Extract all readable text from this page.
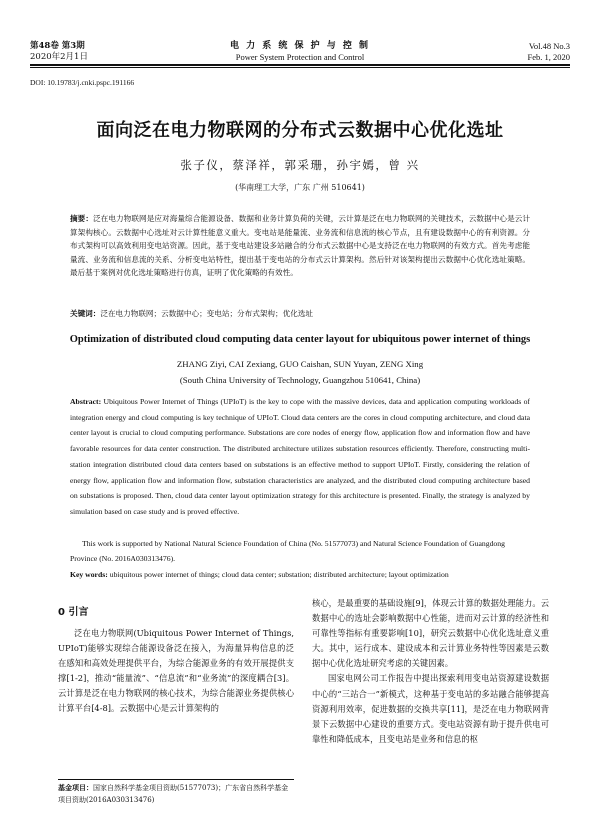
第48卷 第3期
2020年2月1日
电 力 系 统 保 护 与 控 制
Power System Protection and Control
Vol.48 No.3
Feb. 1, 2020
DOI: 10.19783/j.cnki.pspc.191166
面向泛在电力物联网的分布式云数据中心优化选址
张子仪，蔡泽祥，郭采珊，孙宇嫣，曾 兴
(华南理工大学，广东 广州 510641)
摘要：泛在电力物联网是应对海量综合能源设备、数据和业务计算负荷的关键，云计算是泛在电力物联网的关键技术，云数据中心是云计算架构核心。云数据中心选址对云计算性能意义重大。变电站是能量流、业务流和信息流的核心节点，且有建设数据中心的有利资源。分布式架构可以高效利用变电站资源。因此，基于变电站建设多站融合的分布式云数据中心是支持泛在电力物联网的有效方式。首先考虑能量流、业务流和信息流的关系、分析变电站特性，提出基于变电站的分布式云计算架构。然后针对该架构提出云数据中心优化选址策略。最后基于案例对优化选址策略进行仿真，证明了优化策略的有效性。
关键词：泛在电力物联网；云数据中心；变电站；分布式架构；优化选址
Optimization of distributed cloud computing data center layout for ubiquitous power internet of things
ZHANG Ziyi, CAI Zexiang, GUO Caishan, SUN Yuyan, ZENG Xing
(South China University of Technology, Guangzhou 510641, China)
Abstract: Ubiquitous Power Internet of Things (UPIoT) is the key to cope with the massive devices, data and application computing workloads of integration energy and cloud computing is key technique of UPIoT. Cloud data centers are the cores in cloud computing architecture, and cloud data center layout is crucial to cloud computing performance. Substations are core nodes of energy flow, application flow and information flow and have favorable resources for data center construction. The distributed architecture utilizes substation resources efficiently. Therefore, constructing multi-station integration distributed cloud data centers based on substations is an effective method to support UPIoT. Firstly, considering the relation of energy flow, application flow and information flow, substation characteristics are analyzed, and the distributed cloud computing architecture based on substations is proposed. Then, cloud data center layout optimization strategy for this architecture is presented. Finally, the strategy is analyzed by simulation based on case study and is proved effective.
This work is supported by National Natural Science Foundation of China (No. 51577073) and Natural Science Foundation of Guangdong Province (No. 2016A030313476).
Key words: ubiquitous power internet of things; cloud data center; substation; distributed architecture; layout optimization
0 引言
泛在电力物联网(Ubiquitous Power Internet of Things, UPIoT)能够实现综合能源设备泛在接入，为海量异构信息的泛在感知和高效处理提供平台，为综合能源业务的有效开展提供支撑[1-2]，推动“能量流”、“信息流”和“业务流”的深度耦合[3]。云计算是泛在电力物联网的核心技术，为综合能源业务提供核心计算平台[4-8]。云数据中心是云计算架构的

核心，是最重要的基础设施[9]，体现云计算的数据处理能力。云数据中心的选址会影响数据中心性能，进而对云计算的经济性和可靠性等指标有重要影响[10]，研究云数据中心优化选址意义重大。其中，运行成本、建设成本和云计算业务特性等因素是云数据中心优化选址研究考虑的关键因素。

国家电网公司工作报告中提出探索利用变电站资源建设数据中心的“三站合一”新模式，这种基于变电站的多站融合能够提高资源利用效率，促进数据的交换共享[11]，是泛在电力物联网背景下云数据中心建设的重要方式。变电站资源有助于提升供电可靠性和降低成本，且变电站是业务和信息的枢

基金项目：国家自然科学基金项目资助(51577073)；广东省自然科学基金项目资助(2016A030313476)
